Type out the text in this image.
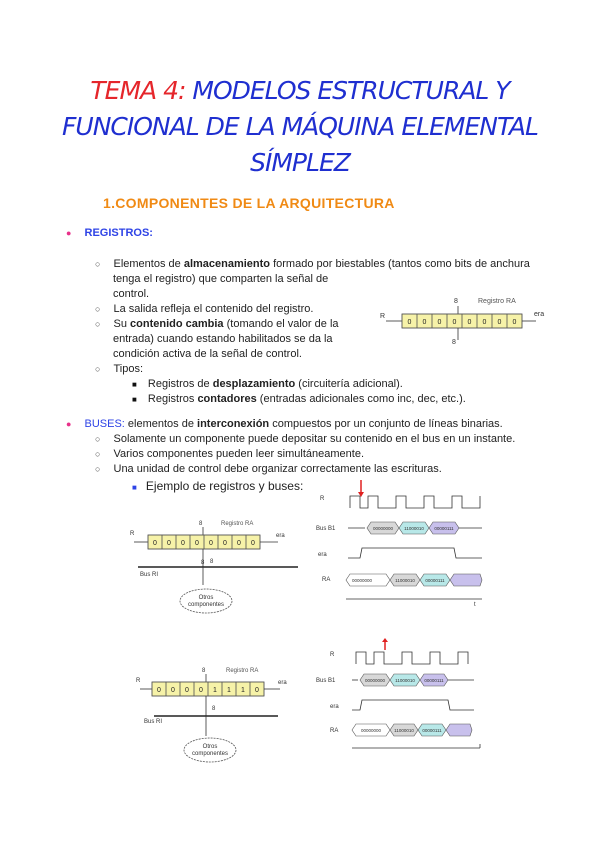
TEMA 4: MODELOS ESTRUCTURAL Y
FUNCIONAL DE LA MÁQUINA ELEMENTAL
SÍMPLEZ
1.COMPONENTES DE LA ARQUITECTURA
● REGISTROS:
○ Elementos de almacenamiento formado por biestables (tantos como bits de anchura
tenga el registro) que comparten la señal de
control.
○ La salida refleja el contenido del registro.
○ Su contenido cambia (tomando el valor de la
entrada) cuando estando habilitados se da la
condición activa de la señal de control.
○ Tipos:
■ Registros de desplazamiento (circuitería adicional).
■ Registros contadores (entradas adicionales como inc, dec, etc.).
Registro RA
8
R
0 0 0 0 0 0 0 0
era
8
● BUSES: elementos de interconexión compuestos por un conjunto de líneas binarias.
○ Solamente un componente puede depositar su contenido en el bus en un instante.
○ Varios componentes pueden leer simultáneamente.
○ Una unidad de control debe organizar correctamente las escrituras.
■ Ejemplo de registros y buses:
Registro RA
8
R
0 0 0 0 0 0 0 0
era
8
Bus RI
8
Otros
componentes
R
Bus B1	00000000 11000010 00000111
era
RA	00000000	11000010 00000111
t
Registro RA
8
R
0 0 0 0 1 1 1 0
era
8
Bus RI
Otros
componentes
R
Bus B1	00000000 11000010 00000111
era
RA	00000000	11000010 00000111
